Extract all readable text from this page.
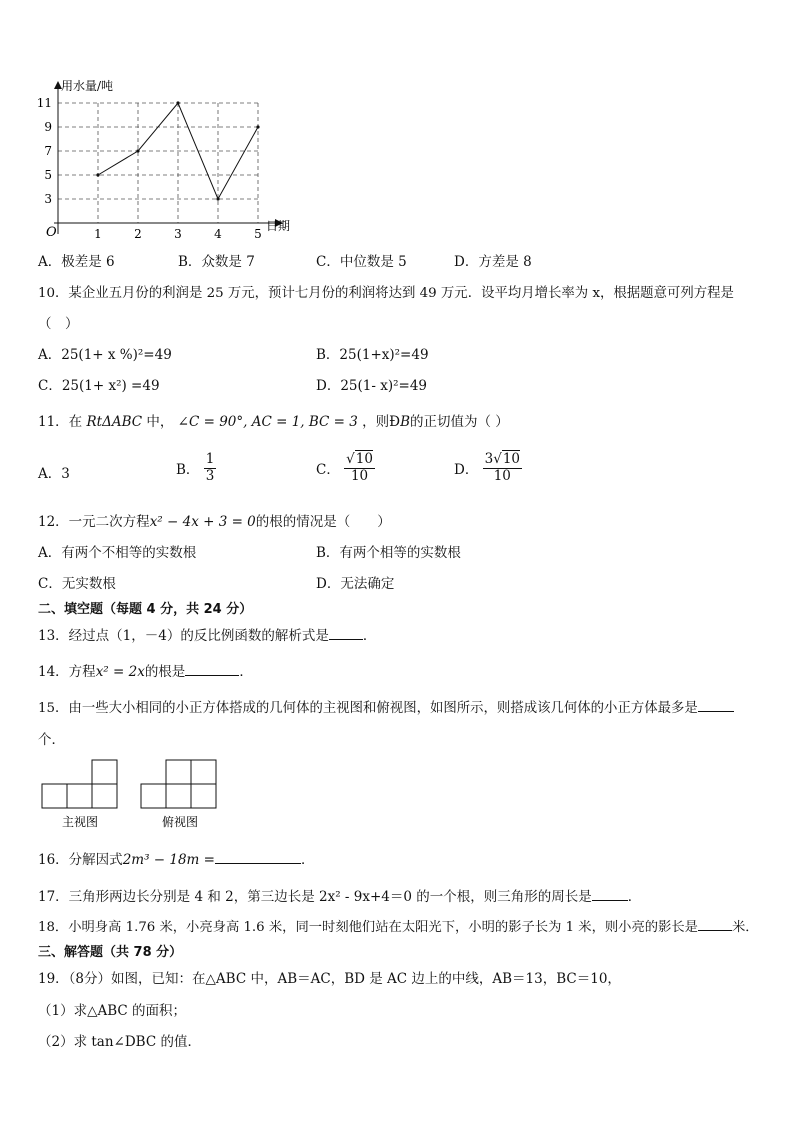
用水量/吨
日期
O
3
5
7
9
11
1	2	3	4	5
A．极差是 6	B．众数是 7	C．中位数是 5	D．方差是 8
10．某企业五月份的利润是 25 万元，预计七月份的利润将达到 49 万元．设平均月增长率为 x，根据题意可列方程是
（　）
A．25(1+ x %)²=49	B．25(1+x)²=49
C．25(1+ x²) =49	D．25(1- x)²=49
11．在 RtΔABC 中， ∠C = 90°, AC = 1, BC = 3 ，则ÐB的正切值为（ ）
A．3	B． $\frac{1}{3}$	C． $\frac{√10}{10}$	D． $\frac{3√10}{10}$
12．一元二次方程x² − 4x + 3 = 0的根的情况是（　　）
A．有两个不相等的实数根	B．有两个相等的实数根
C．无实数根	D．无法确定
二、填空题（每题 4 分，共 24 分）
13．经过点（1，－4）的反比例函数的解析式是	．
14．方程x² = 2x的根是	．
15．由一些大小相同的小正方体搭成的几何体的主视图和俯视图，如图所示，则搭成该几何体的小正方体最多是
个．
主视图	俯视图
16．分解因式2m³ − 18m =	．
17．三角形两边长分别是 4 和 2，第三边长是 2x² ‑ 9x+4＝0 的一个根，则三角形的周长是	．
18．小明身高 1.76 米，小亮身高 1.6 米，同一时刻他们站在太阳光下，小明的影子长为 1 米，则小亮的影长是	米．
三、解答题（共 78 分）
19．（8分）如图，已知：在△ABC 中，AB＝AC，BD 是 AC 边上的中线，AB＝13，BC＝10，
（1）求△ABC 的面积；
（2）求 tan∠DBC 的值．
